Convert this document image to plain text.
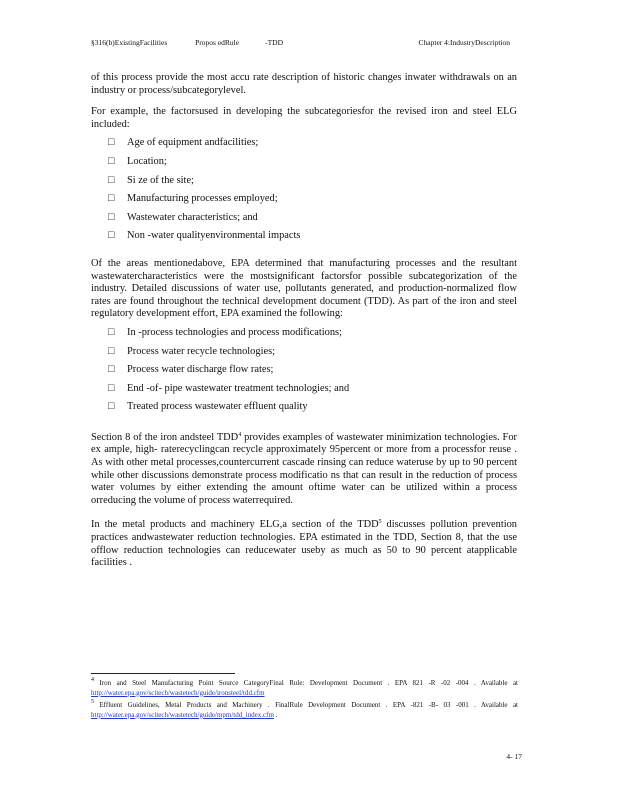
§316(b)ExistingFacilities	Propos edRule	-TDD	Chapter 4:IndustryDescription

of this process provide the most accu rate description of historic changes inwater withdrawals on an industry or process/subcategorylevel.

For example, the factorsused in developing the subcategoriesfor the revised iron and steel ELG included:

□ Age of equipment andfacilities;
□ Location;
□ Si ze of the site;
□ Manufacturing processes employed;
□ Wastewater characteristics; and
□ Non -water qualityenvironmental impacts

Of the areas mentionedabove, EPA determined that manufacturing processes and the resultant wastewatercharacteristics were the mostsignificant factorsfor possible subcategorization of the industry. Detailed discussions of water use, pollutants generated, and production-normalized flow rates are found throughout the technical development document (TDD). As part of the iron and steel regulatory development effort, EPA examined the following:

□ In -process technologies and process modifications;
□ Process water recycle technologies;
□ Process water discharge flow rates;
□ End -of- pipe wastewater treatment technologies; and
□ Treated process wastewater effluent quality

Section 8 of the iron andsteel TDD$^4$ provides examples of wastewater minimization technologies. For ex ample, high- raterecyclingcan recycle approximately 95percent or more from a processfor reuse . As with other metal processes,countercurrent cascade rinsing can reduce wateruse by up to 90 percent while other discussions demonstrate process modificatio ns that can result in the reduction of process water volumes by either extending the amount oftime water can be utilized within a process orreducing the volume of process waterrequired.

In the metal products and machinery ELG,a section of the TDD$^5$ discusses pollution prevention practices andwastewater reduction technologies. EPA estimated in the TDD, Section 8, that the use offlow reduction technologies can reducewater useby as much as 50 to 90 percent atapplicable facilities .

$^4$ Iron and Steel Manufacturing Point Source CategoryFinal Rule: Development Document . EPA 821 -R -02 -004 . Available at http://water.epa.gov/scitech/wastetech/guide/ironsteel/tdd.cfm

$^5$ Effluent Guidelines, Metal Products and Machinery . FinalRule Development Document . EPA -821 -B- 03 -001 . Available at http://water.epa.gov/scitech/wastetech/guide/mpm/tdd_index.cfm .

4- 17
